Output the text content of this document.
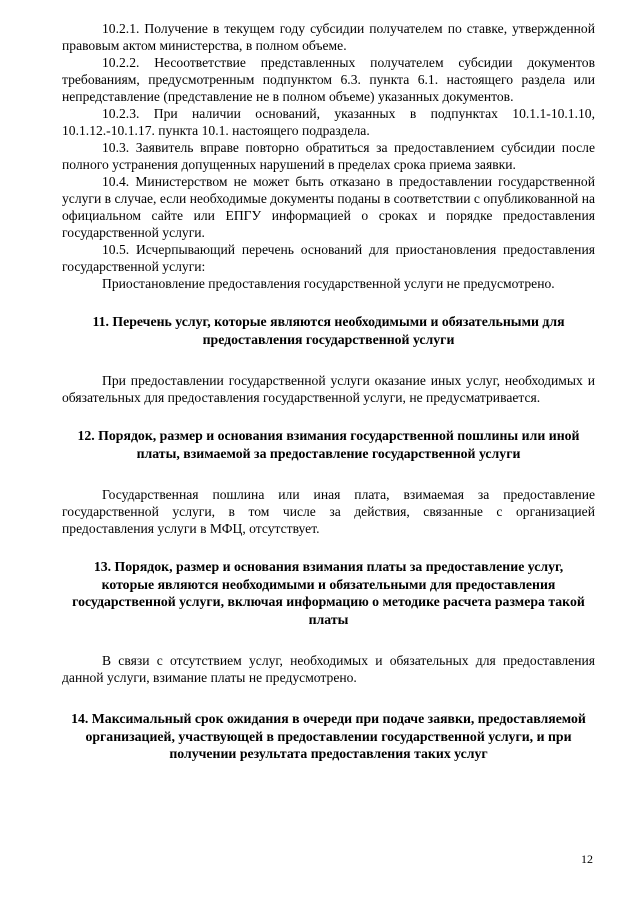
10.2.1. Получение в текущем году субсидии получателем по ставке, утвержденной правовым актом министерства, в полном объеме.

10.2.2. Несоответствие представленных получателем субсидии документов требованиям, предусмотренным подпунктом 6.3. пункта 6.1. настоящего раздела или непредставление (представление не в полном объеме) указанных документов.

10.2.3. При наличии оснований, указанных в подпунктах 10.1.1-10.1.10, 10.1.12.-10.1.17. пункта 10.1. настоящего подраздела.

10.3. Заявитель вправе повторно обратиться за предоставлением субсидии после полного устранения допущенных нарушений в пределах срока приема заявки.

10.4. Министерством не может быть отказано в предоставлении государственной услуги в случае, если необходимые документы поданы в соответствии с опубликованной на официальном сайте или ЕПГУ информацией о сроках и порядке предоставления государственной услуги.

10.5. Исчерпывающий перечень оснований для приостановления предоставления государственной услуги:

Приостановление предоставления государственной услуги не предусмотрено.

11. Перечень услуг, которые являются необходимыми и обязательными для предоставления государственной услуги

При предоставлении государственной услуги оказание иных услуг, необходимых и обязательных для предоставления государственной услуги, не предусматривается.

12. Порядок, размер и основания взимания государственной пошлины или иной платы, взимаемой за предоставление государственной услуги

Государственная пошлина или иная плата, взимаемая за предоставление государственной услуги, в том числе за действия, связанные с организацией предоставления услуги в МФЦ, отсутствует.

13. Порядок, размер и основания взимания платы за предоставление услуг, которые являются необходимыми и обязательными для предоставления государственной услуги, включая информацию о методике расчета размера такой платы

В связи с отсутствием услуг, необходимых и обязательных для предоставления данной услуги, взимание платы не предусмотрено.

14. Максимальный срок ожидания в очереди при подаче заявки, предоставляемой организацией, участвующей в предоставлении государственной услуги, и при получении результата предоставления таких услуг
12
